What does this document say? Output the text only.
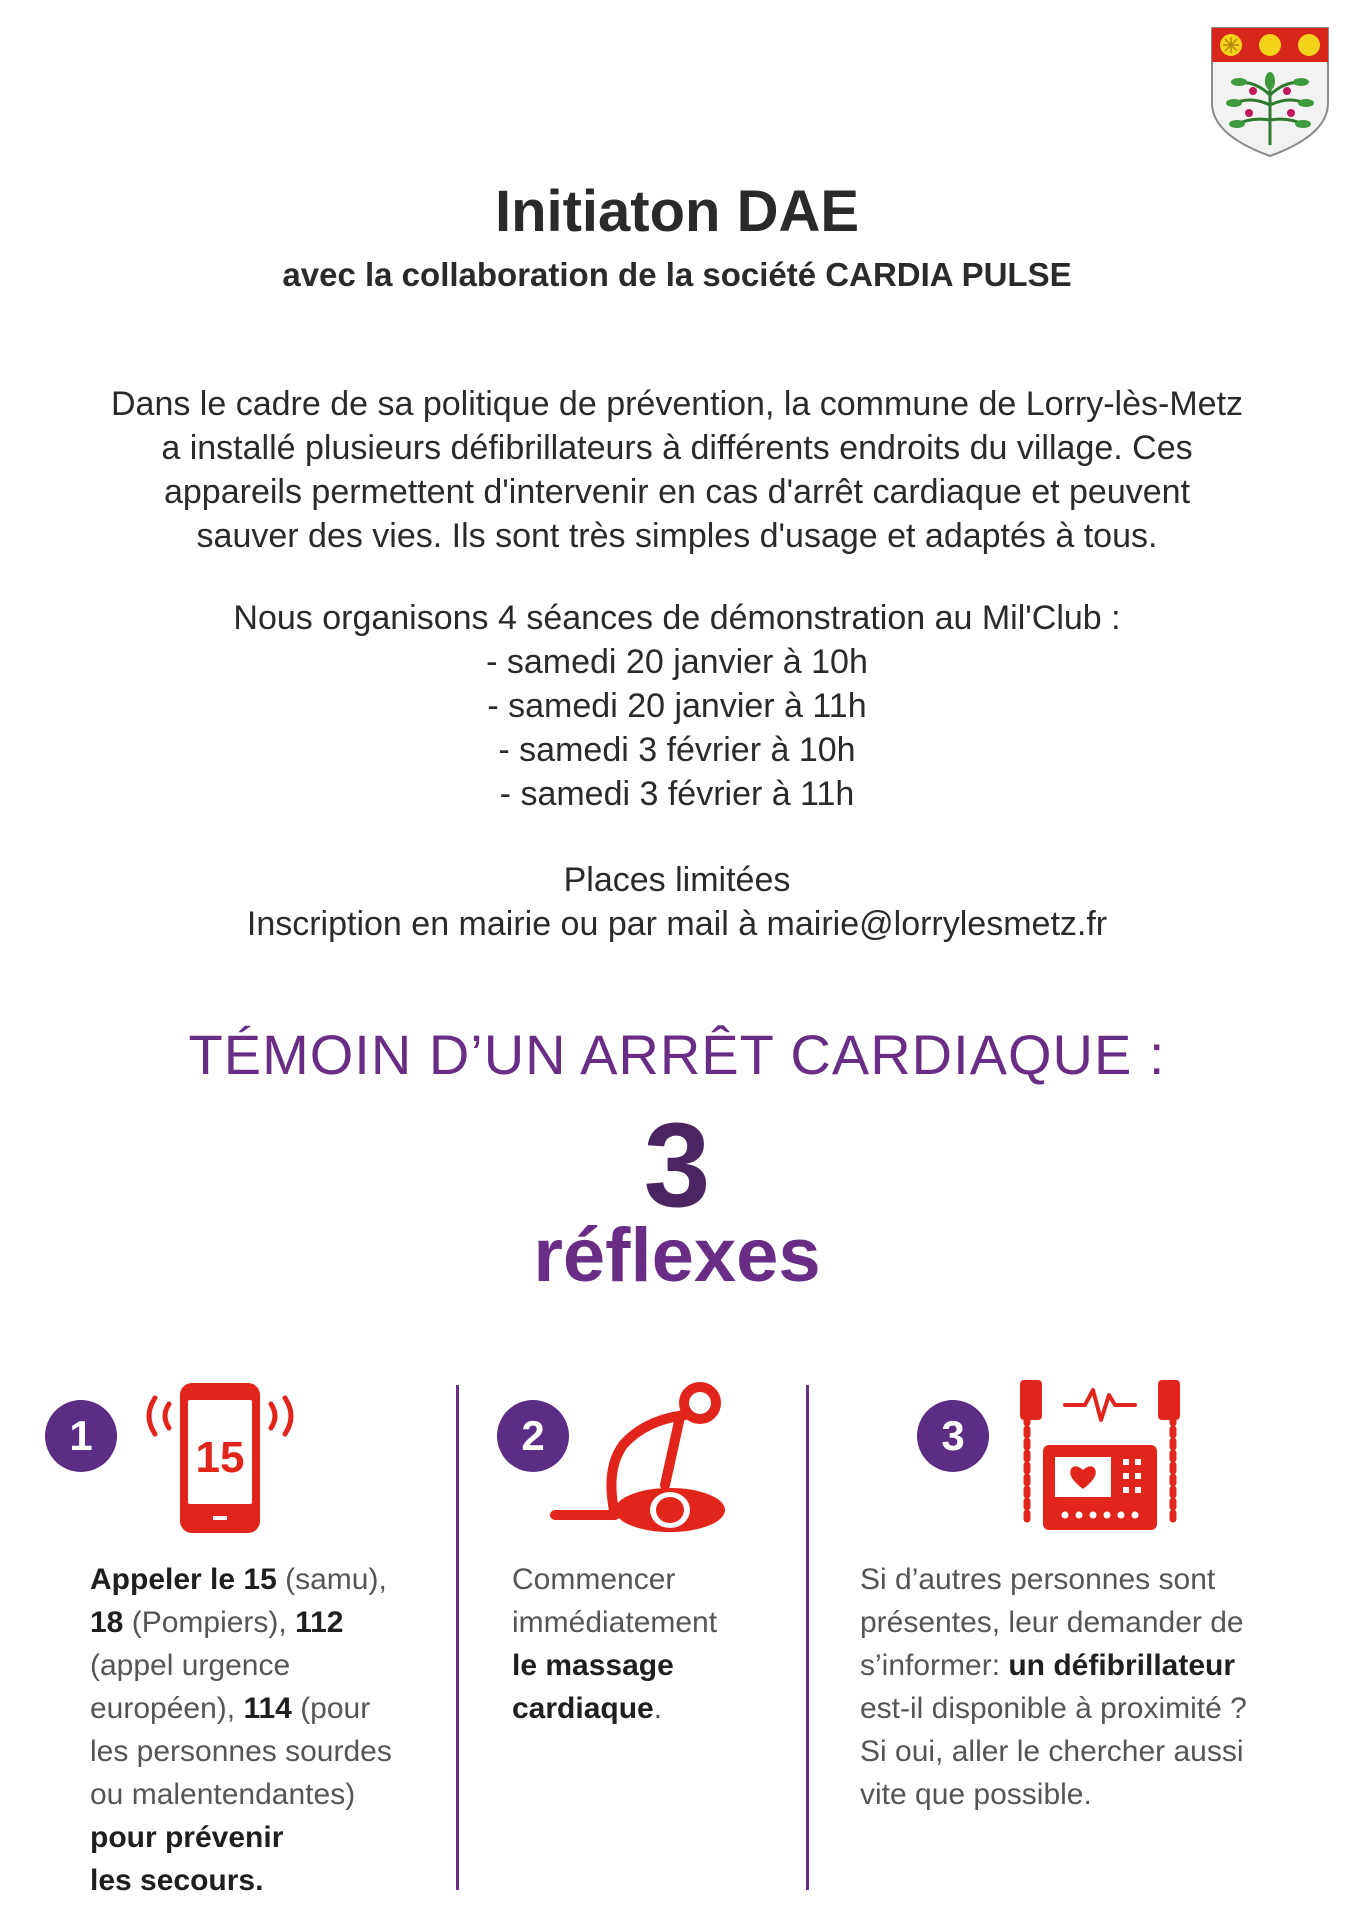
Initiaton DAE
avec la collaboration de la société CARDIA PULSE

Dans le cadre de sa politique de prévention, la commune de Lorry-lès-Metz

a installé plusieurs défibrillateurs à différents endroits du village. Ces

appareils permettent d'intervenir en cas d'arrêt cardiaque et peuvent

sauver des vies. Ils sont très simples d'usage et adaptés à tous.

Nous organisons 4 séances de démonstration au Mil'Club :
- samedi 20 janvier à 10h
- samedi 20 janvier à 11h
- samedi 3 février à 10h
- samedi 3 février à 11h
Places limitées
Inscription en mairie ou par mail à mairie@lorrylesmetz.fr
TÉMOIN D’UN ARRÊT CARDIAQUE :
3
réflexes
1	15
Appeler le 15 (samu),
18 (Pompiers), 112
(appel urgence
européen), 114 (pour
les personnes sourdes
ou malentendantes)
pour prévenir
les secours.
2
Commencer
immédiatement
le massage
cardiaque.
3
Si d’autres personnes sont
présentes, leur demander de
s’informer: un défibrillateur
est-il disponible à proximité ?
Si oui, aller le chercher aussi
vite que possible.
